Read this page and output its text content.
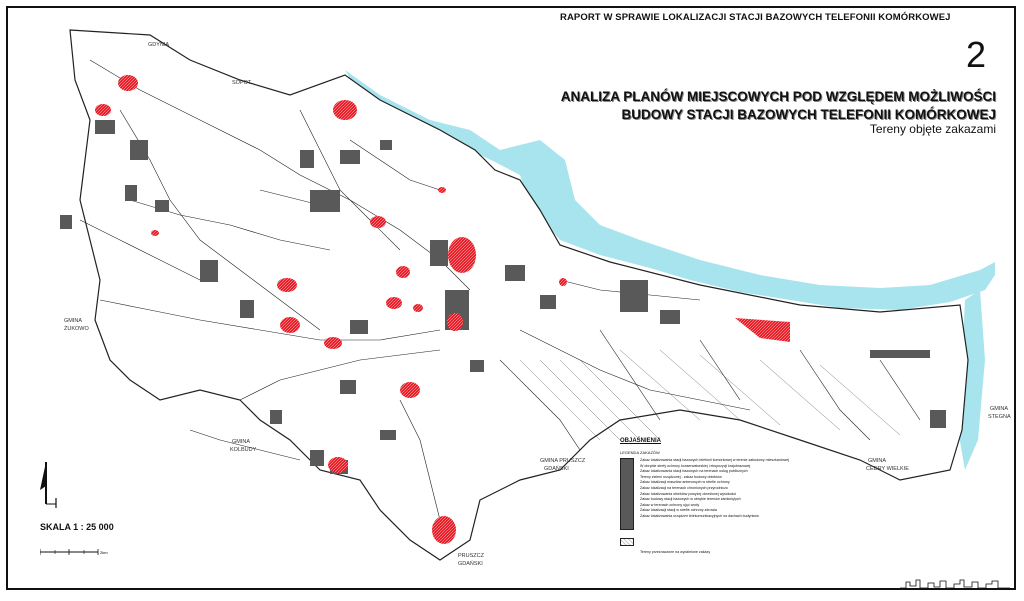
GDYNIA
SOPOT
GMINA
ŻUKOWO
GMINA
KOLBUDY
GMINA PRUSZCZ
GDAŃSKI
PRUSZCZ
GDAŃSKI
GMINA
CEDRY WIELKIE
GMINA
STEGNA
RAPORT W SPRAWIE LOKALIZACJI STACJI BAZOWYCH TELEFONII KOMÓRKOWEJ
2
ANALIZA PLANÓW MIEJSCOWYCH POD WZGLĘDEM MOŻLIWOŚCI
BUDOWY STACJI BAZOWYCH TELEFONII KOMÓRKOWEJ
Tereny objęte zakazami
SKALA 1 : 25 000
2km
OBJAŚNIENIA
LEGENDA ZAKAZÓW
Zakaz lokalizowania stacji bazowych telefonii komórkowej w terenie zabudowy mieszkaniowej
W obrębie strefy ochrony konserwatorskiej i ekspozycji krajobrazowej
Zakaz lokalizowania stacji bazowych na terenach usług publicznych
Tereny zieleni urządzonej - zakaz budowy obiektów
Zakaz lokalizacji masztów antenowych w strefie ochrony
Zakaz lokalizacji na terenach chronionych przyrodniczo
Zakaz lokalizowania obiektów powyżej określonej wysokości
Zakaz budowy stacji bazowych w obrębie terenów zamkniętych
Zakaz w terenach ochrony ujęć wody
Zakaz lokalizacji stacji w strefie ochrony zdrowia
Zakaz lokalizowania urządzeń telekomunikacyjnych na dachach budynków
Tereny przeznaczone na wydzielone zakazy
